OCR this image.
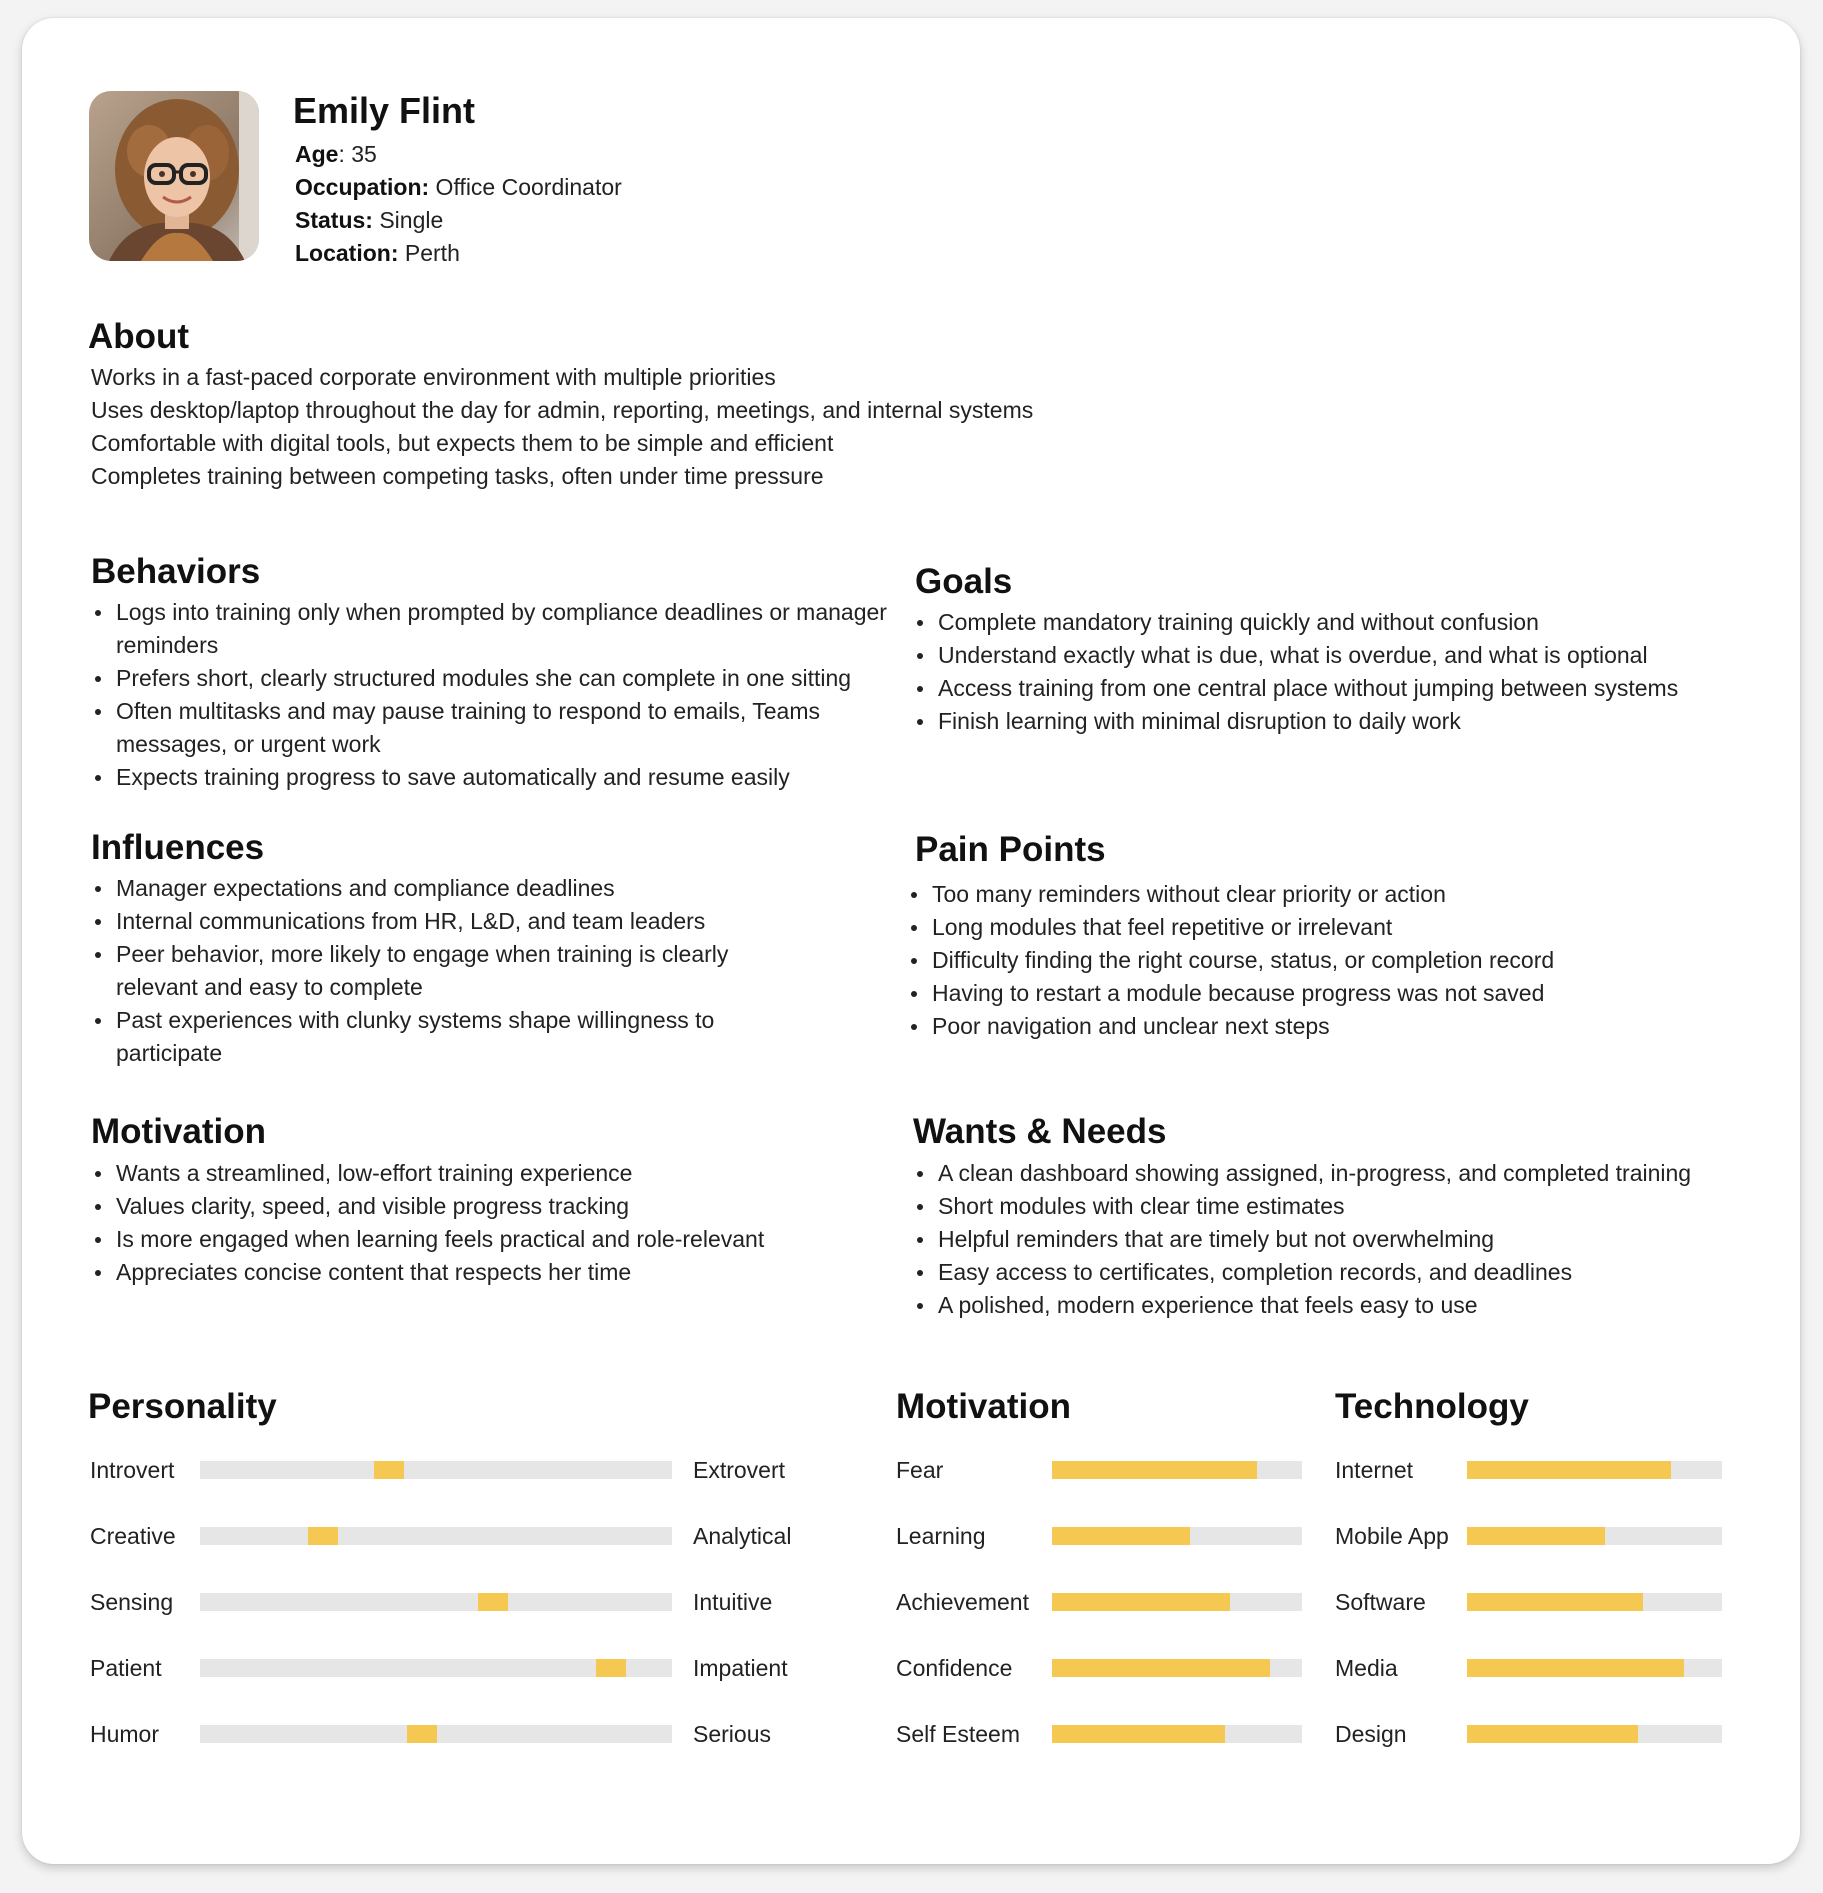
Emily Flint
Age: 35
Occupation: Office Coordinator
Status: Single
Location: Perth
About
Works in a fast-paced corporate environment with multiple priorities
Uses desktop/laptop throughout the day for admin, reporting, meetings, and internal systems
Comfortable with digital tools, but expects them to be simple and efficient
Completes training between competing tasks, often under time pressure
Behaviors
Logs into training only when prompted by compliance deadlines or manager reminders
Prefers short, clearly structured modules she can complete in one sitting
Often multitasks and may pause training to respond to emails, Teams messages, or urgent work
Expects training progress to save automatically and resume easily
Goals
Complete mandatory training quickly and without confusion
Understand exactly what is due, what is overdue, and what is optional
Access training from one central place without jumping between systems
Finish learning with minimal disruption to daily work
Influences
Manager expectations and compliance deadlines
Internal communications from HR, L&D, and team leaders
Peer behavior, more likely to engage when training is clearly relevant and easy to complete
Past experiences with clunky systems shape willingness to participate
Pain Points
Too many reminders without clear priority or action
Long modules that feel repetitive or irrelevant
Difficulty finding the right course, status, or completion record
Having to restart a module because progress was not saved
Poor navigation and unclear next steps
Motivation
Wants a streamlined, low-effort training experience
Values clarity, speed, and visible progress tracking
Is more engaged when learning feels practical and role-relevant
Appreciates concise content that respects her time
Wants & Needs
A clean dashboard showing assigned, in-progress, and completed training
Short modules with clear time estimates
Helpful reminders that are timely but not overwhelming
Easy access to certificates, completion records, and deadlines
A polished, modern experience that feels easy to use
Personality
Introvert	Extrovert
Creative	Analytical
Sensing	Intuitive
Patient	Impatient
Humor	Serious
Motivation
Fear
Learning
Achievement
Confidence
Self Esteem
Technology
Internet
Mobile App
Software
Media
Design
